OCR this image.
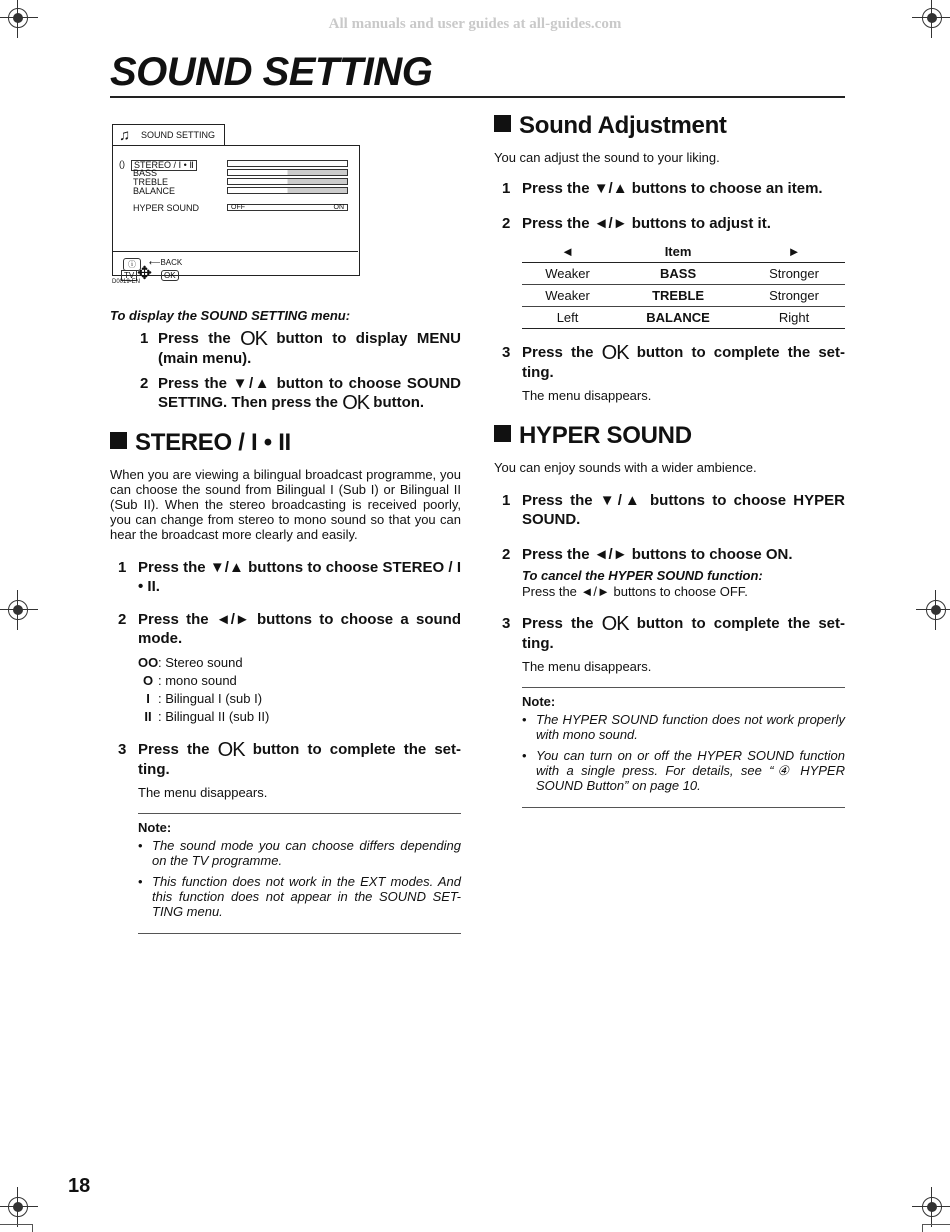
All manuals and user guides at all-guides.com
SOUND SETTING
♫ SOUND SETTING
()	STEREO / Ⅰ • Ⅱ
BASS
TREBLE
BALANCE
HYPER SOUND	OFF	ON
ⓘ	⟵BACK
TV ✥	OK
D0019-EN
To display the SOUND SETTING menu:
1 Press the OK button to display MENU (main menu).
2 Press the ▼/▲ button to choose SOUND SETTING. Then press the OK button.
STEREO / I • II

When you are viewing a bilingual broadcast programme, you can choose the sound from Bilingual I (Sub I) or Bilingual II (Sub II). When the stereo broadcasting is received poorly, you can change from stereo to mono sound so that you can hear the broadcast more clearly and easily.

1 Press the ▼/▲ buttons to choose STEREO / I • II.
2 Press the ◄/► buttons to choose a sound mode.
OO : Stereo sound
O : mono sound
I : Bilingual I (sub I)
II : Bilingual II (sub II)
3 Press the OK button to complete the set-ting.

The menu disappears.

Note:
• The sound mode you can choose differs depending on the TV programme.
• This function does not work in the EXT modes. And this function does not appear in the SOUND SET-TING menu.
Sound Adjustment

You can adjust the sound to your liking.

1 Press the ▼/▲ buttons to choose an item.
2 Press the ◄/► buttons to adjust it.
◄	Item	►
Weaker	BASS	Stronger
Weaker	TREBLE	Stronger
Left	BALANCE	Right
3 Press the OK button to complete the set-ting.

The menu disappears.

HYPER SOUND

You can enjoy sounds with a wider ambience.

1 Press the ▼/▲ buttons to choose HYPER SOUND.
2 Press the ◄/► buttons to choose ON.

To cancel the HYPER SOUND function:

Press the ◄/► buttons to choose OFF.

3 Press the OK button to complete the set-ting.

The menu disappears.

Note:
• The HYPER SOUND function does not work properly with mono sound.
• You can turn on or off the HYPER SOUND function with a single press. For details, see “④ HYPER SOUND Button” on page 10.
18
